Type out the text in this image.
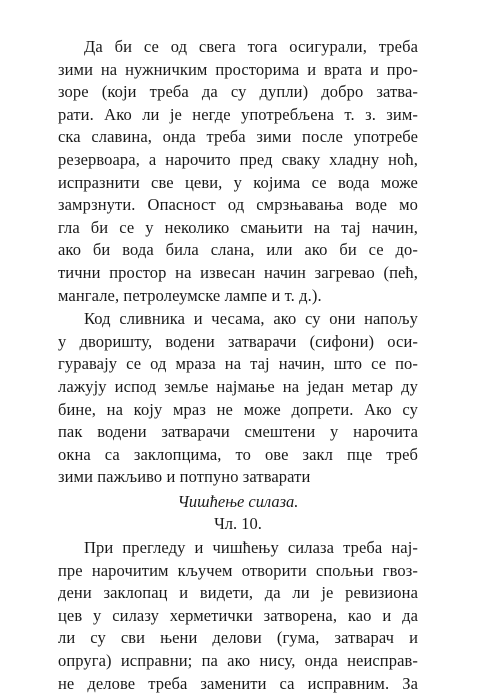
Да би се од свега тога осигурали, треба
зими на нужничким просторима и врата и про-
зоре (који треба да су дупли) добро затва-
рати. Ако ли је негде употребљена т. з. зим-
ска славина, онда треба зими после употребе
резервоара, а нарочито пред сваку хладну ноћ,
испразнити све цеви, у којима се вода може
замрзнути. Опасност од смрзњавања воде мо
гла би се у неколико смањити на тај начин,
ако би вода била слана, или ако би се до-
тични простор на извесан начин загревао (пећ,
мангале, петролеумске лампе и т. д.).
Код сливника и чесама, ако су они напољу
у дворишту, водени затварачи (сифони) оси-
гуравају се од мраза на тај начин, што се по-
лажују испод земље најмање на један метар ду
бине, на коју мраз не може допрети. Ако су
пак водени затварачи смештени у нарочита
окна са заклопцима, то ове закл пце треб
зими пажљиво и потпуно затварати
Чишћење силаза.
Чл. 10.
При прегледу и чишћењу силаза треба нај-
пре нарочитим кључем отворити спољњи гвоз-
дени заклопац и видети, да ли је ревизиона
цев у силазу херметички затворена, као и да
ли су сви њени делови (гума, затварач и
опруга) исправни; па ако нису, онда неисправ-
не делове треба заменити са исправним. За
